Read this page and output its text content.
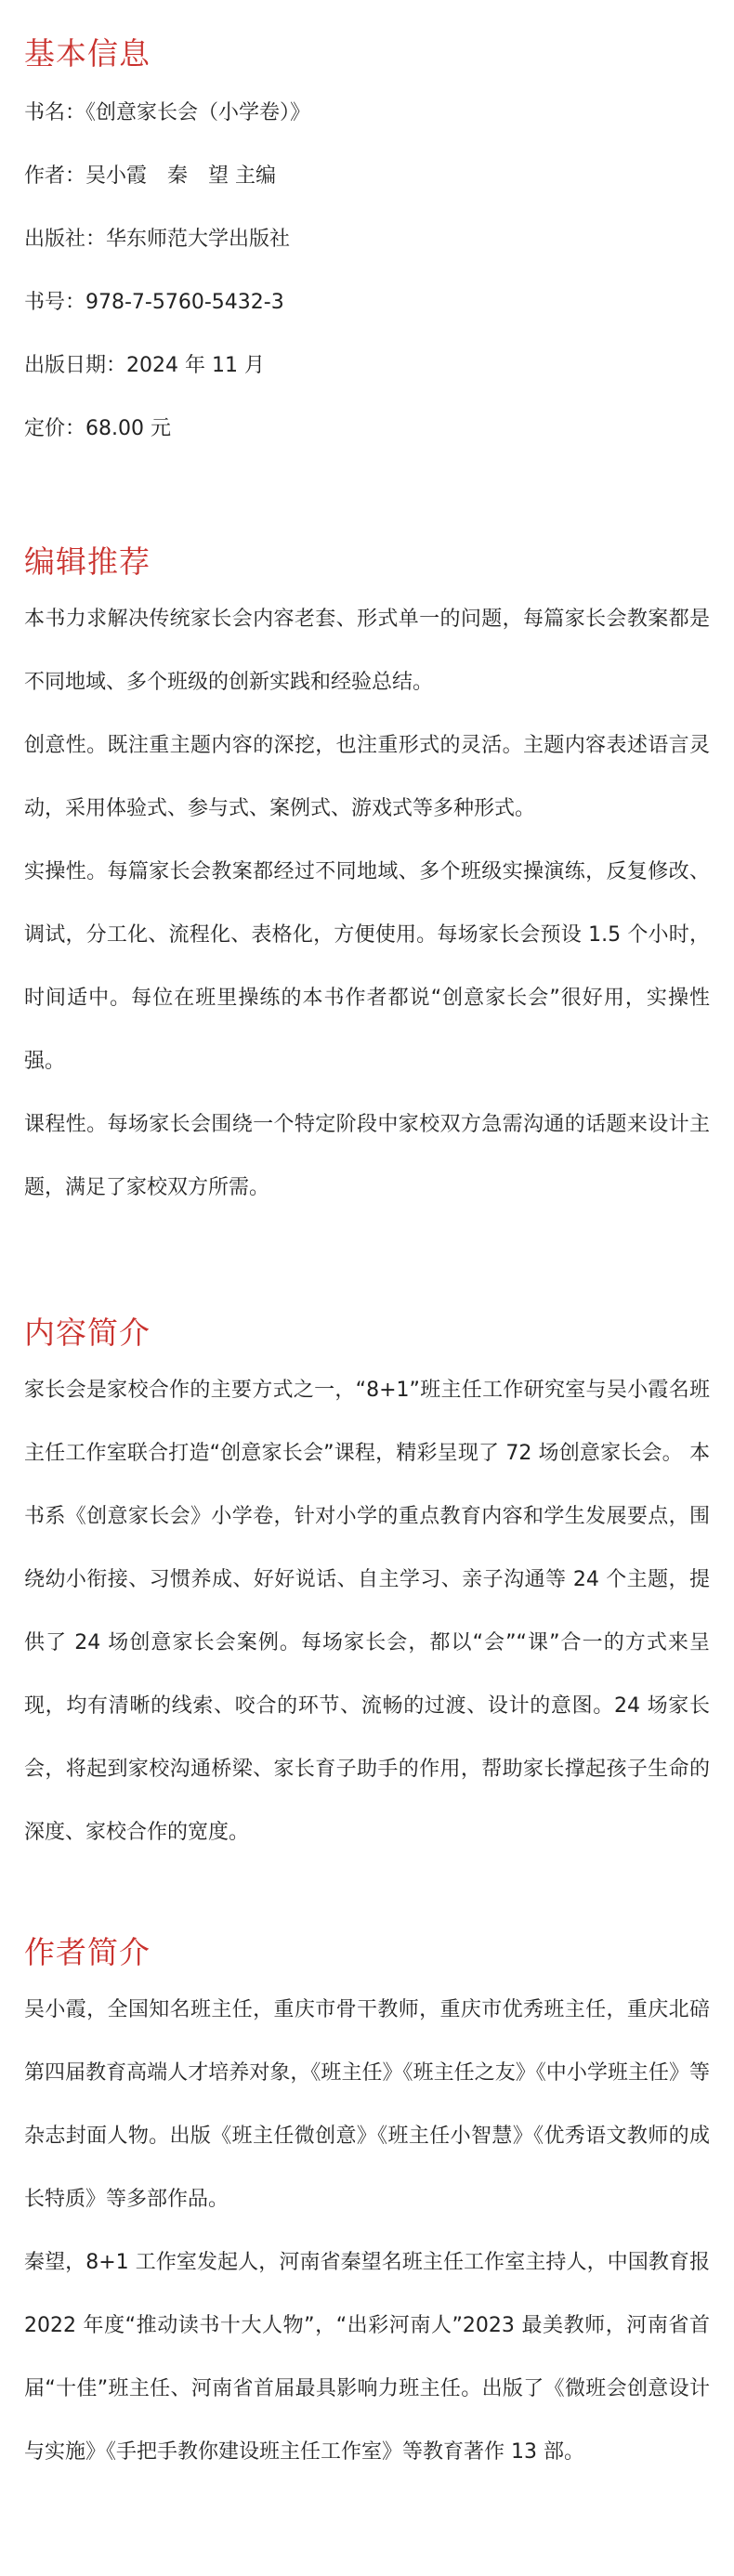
基本信息

书名：《创意家长会（小学卷）》

作者：吴小霞　秦　望 主编

出版社：华东师范大学出版社

书号：978-7-5760-5432-3

出版日期：2024 年 11 月

定价：68.00 元

编辑推荐

本书力求解决传统家长会内容老套、形式单一的问题，每篇家长会教案都是不同地域、多个班级的创新实践和经验总结。

创意性。既注重主题内容的深挖，也注重形式的灵活。主题内容表述语言灵动，采用体验式、参与式、案例式、游戏式等多种形式。

实操性。每篇家长会教案都经过不同地域、多个班级实操演练，反复修改、调试，分工化、流程化、表格化，方便使用。每场家长会预设 1.5 个小时，时间适中。每位在班里操练的本书作者都说“创意家长会”很好用，实操性强。

课程性。每场家长会围绕一个特定阶段中家校双方急需沟通的话题来设计主题，满足了家校双方所需。

内容简介

家长会是家校合作的主要方式之一，“8+1”班主任工作研究室与吴小霞名班主任工作室联合打造“创意家长会”课程，精彩呈现了 72 场创意家长会。 本书系《创意家长会》小学卷，针对小学的重点教育内容和学生发展要点，围绕幼小衔接、习惯养成、好好说话、自主学习、亲子沟通等 24 个主题，提供了 24 场创意家长会案例。每场家长会，都以“会”“课”合一的方式来呈现，均有清晰的线索、咬合的环节、流畅的过渡、设计的意图。24 场家长会，将起到家校沟通桥梁、家长育子助手的作用，帮助家长撑起孩子生命的深度、家校合作的宽度。

作者简介

吴小霞，全国知名班主任，重庆市骨干教师，重庆市优秀班主任，重庆北碚第四届教育高端人才培养对象，《班主任》《班主任之友》《中小学班主任》等杂志封面人物。出版《班主任微创意》《班主任小智慧》《优秀语文教师的成长特质》等多部作品。

秦望，8+1 工作室发起人，河南省秦望名班主任工作室主持人，中国教育报 2022 年度“推动读书十大人物”，“出彩河南人”2023 最美教师，河南省首届“十佳”班主任、河南省首届最具影响力班主任。出版了《微班会创意设计与实施》《手把手教你建设班主任工作室》等教育著作 13 部。
